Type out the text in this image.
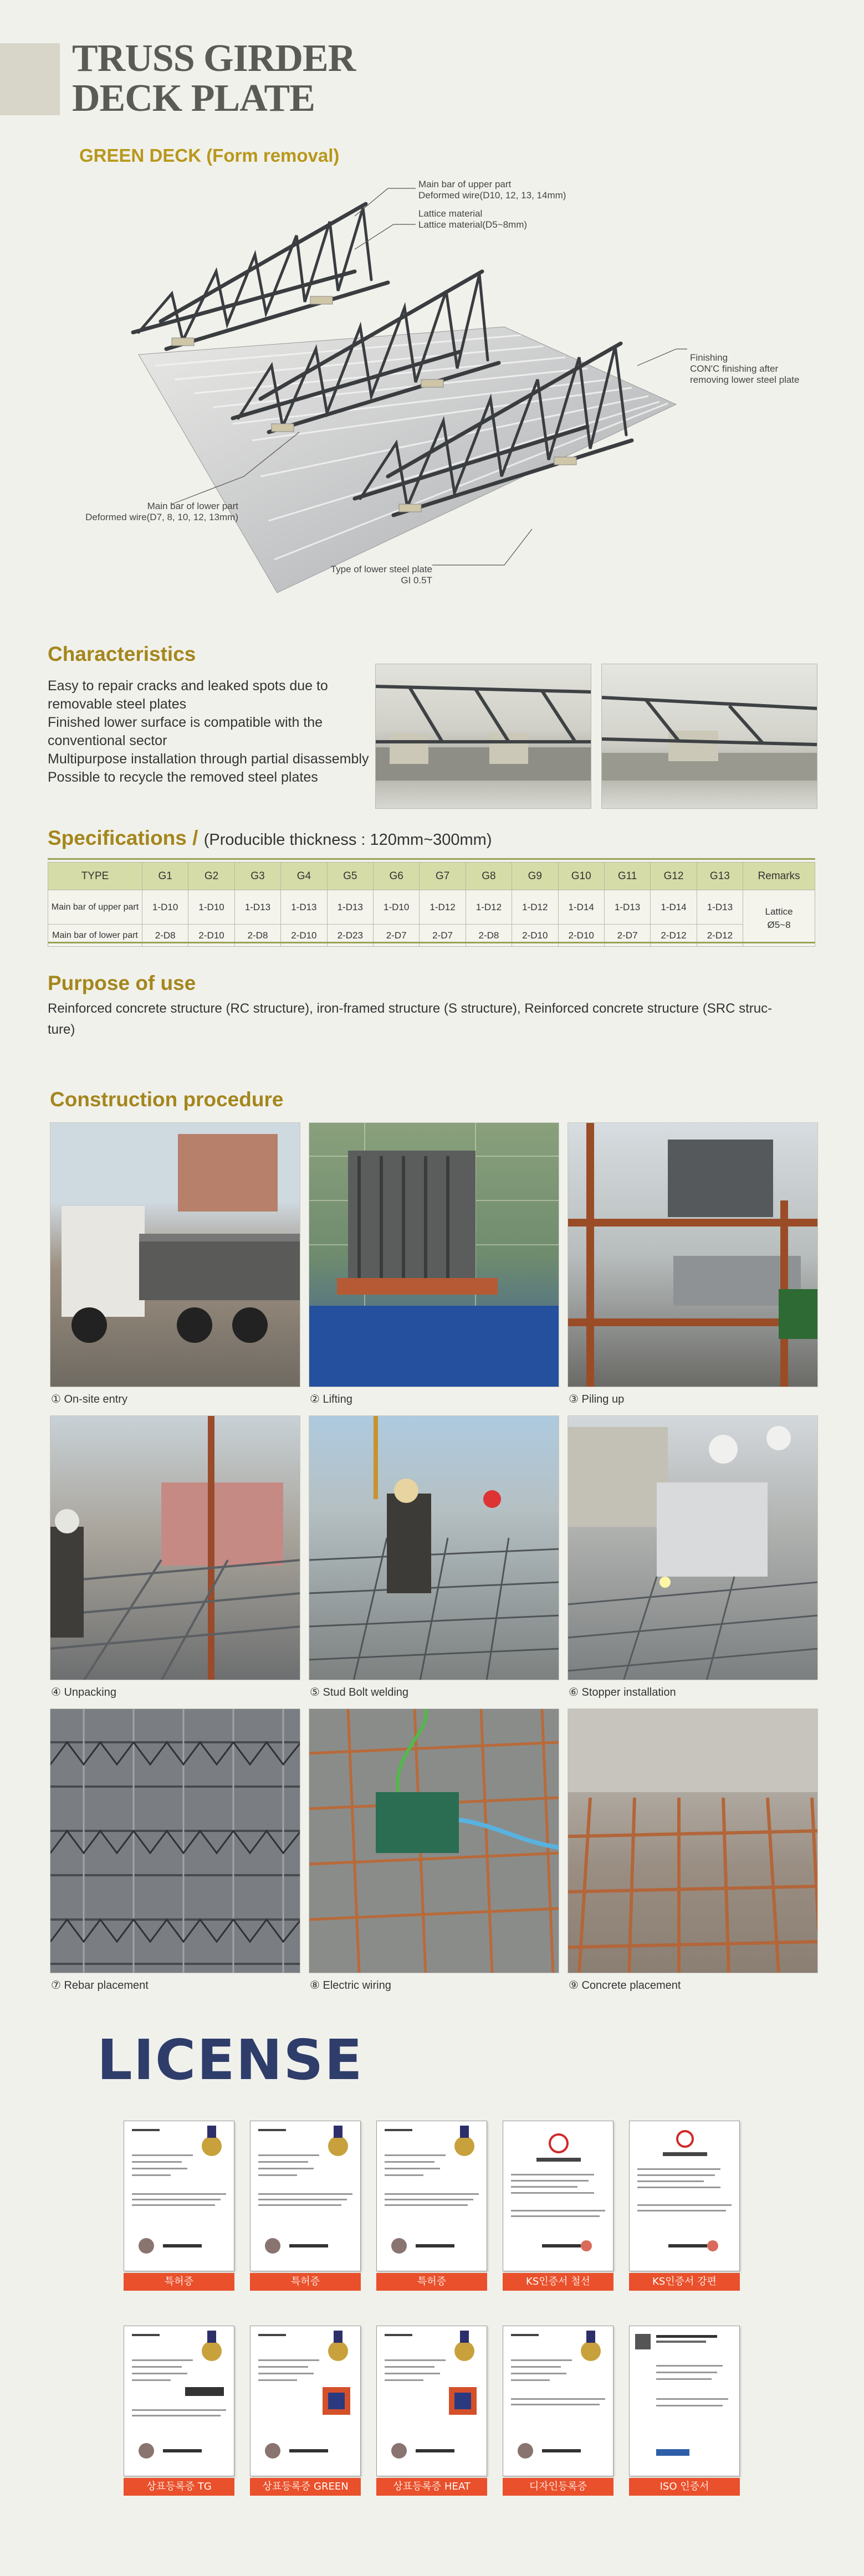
TRUSS GIRDER
DECK PLATE
GREEN DECK (Form removal)
Main bar of upper part
Deformed wire(D10, 12, 13, 14mm)
Lattice material
Lattice material(D5~8mm)
Finishing
CON'C finishing after
removing lower steel plate
Main bar of lower part
Deformed wire(D7, 8, 10, 12, 13mm)
Type of lower steel plate
GI 0.5T
Characteristics
Easy to repair cracks and leaked spots due to
removable steel plates
Finished lower surface is compatible with the
conventional sector
Multipurpose installation through partial disassembly
Possible to recycle the removed steel plates
Specifications / (Producible thickness : 120mm~300mm)
TYPE	G1	G2	G3	G4	G5	G6	G7	G8	G9	G10	G11	G12	G13	Remarks
Main bar of upper part	1-D10	1-D10	1-D13	1-D13	1-D13	1-D10	1-D12	1-D12	1-D12	1-D14	1-D13	1-D14	1-D13	Lattice
Ø5~8

Main bar of lower part	2-D8	2-D10	2-D8	2-D10	2-D23	2-D7	2-D7	2-D8	2-D10	2-D10	2-D7	2-D12	2-D12	
Purpose of use
Reinforced concrete structure (RC structure), iron-framed structure (S structure), Reinforced concrete structure (SRC struc-
ture)
Construction procedure
① On-site entry	② Lifting	③ Piling up
④ Unpacking	⑤ Stud Bolt welding	⑥ Stopper installation
⑦ Rebar placement	⑧ Electric wiring	⑨ Concrete placement
LICENSE
특허증	특허증	특허증	KS인증서 철선	KS인증서 강편
상표등록증 TG	상표등록증 GREEN	상표등록증 HEAT	디자인등록증	ISO 인증서
